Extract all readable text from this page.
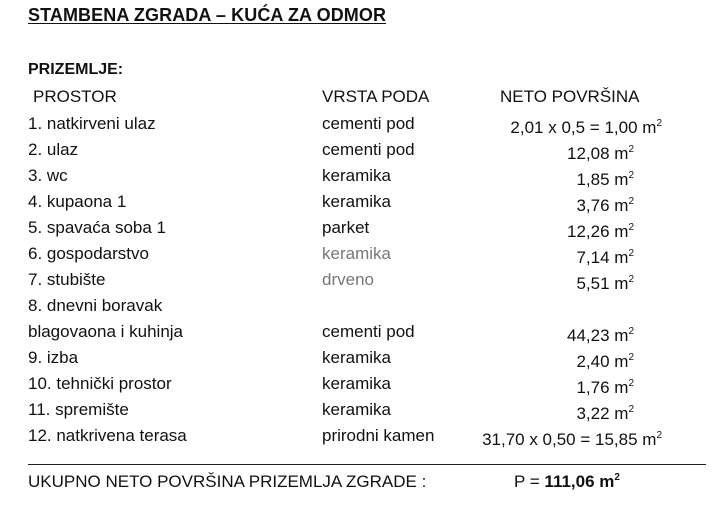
STAMBENA ZGRADA – KUĆA ZA ODMOR
PRIZEMLJE:
PROSTOR	VRSTA PODA	NETO POVRŠINA
1. natkirveni ulaz	cementi pod	2,01 x 0,5 = 1,00 $m^2$
2. ulaz	cementi pod	12,08 $m^2$
3. wc	keramika	1,85 $m^2$
4. kupaona 1	keramika	3,76 $m^2$
5. spavaća soba 1	parket	12,26 $m^2$
6. gospodarstvo	keramika	7,14 $m^2$
7. stubište	drveno	5,51 $m^2$
8. dnevni boravak
blagovaona i kuhinja	cementi pod	44,23 $m^2$
9. izba	keramika	2,40 $m^2$
10. tehnički prostor	keramika	1,76 $m^2$
11. spremište	keramika	3,22 $m^2$
12. natkrivena terasa	prirodni kamen	31,70 x 0,50 = 15,85 $m^2$
UKUPNO NETO POVRŠINA PRIZEMLJA ZGRADE :	P = 111,06 $m^2$
